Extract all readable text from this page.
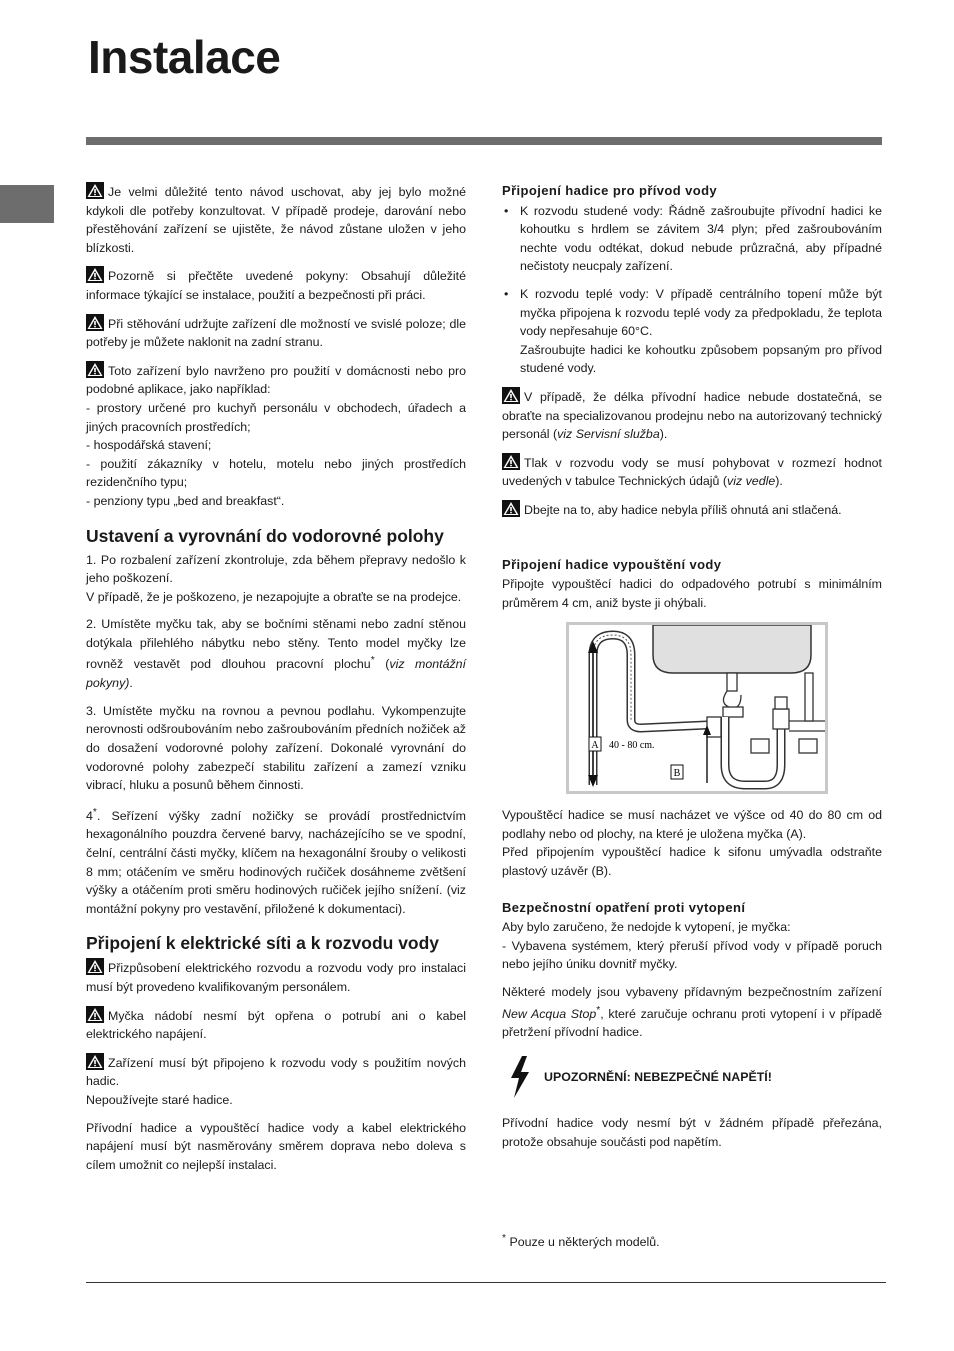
Instalace

Je velmi důležité tento návod uschovat, aby jej bylo možné kdykoli dle potřeby konzultovat. V případě prodeje, darování nebo přestěhování zařízení se ujistěte, že návod zůstane uložen v jeho blízkosti.

Pozorně si přečtěte uvedené pokyny: Obsahují důležité informace týkající se instalace, použití a bezpečnosti při práci.

Při stěhování udržujte zařízení dle možností ve svislé poloze; dle potřeby je můžete naklonit na zadní stranu.

Toto zařízení bylo navrženo pro použití v domácnosti nebo pro podobné aplikace, jako například:

- prostory určené pro kuchyň personálu v obchodech, úřadech a jiných pracovních prostředích;

- hospodářská stavení;

- použití zákazníky v hotelu, motelu nebo jiných prostředích rezidenčního typu;

- penziony typu „bed and breakfast“.

Ustavení a vyrovnání do vodorovné polohy

1. Po rozbalení zařízení zkontroluje, zda během přepravy nedošlo k jeho poškození.

V případě, že je poškozeno, je nezapojujte a obraťte se na prodejce.

2. Umístěte myčku tak, aby se bočními stěnami nebo zadní stěnou dotýkala přilehlého nábytku nebo stěny. Tento model myčky lze rovněž vestavět pod dlouhou pracovní plochu* (viz montážní pokyny).

3. Umístěte myčku na rovnou a pevnou podlahu. Vykompenzujte nerovnosti odšroubováním nebo zašroubováním předních nožiček až do dosažení vodorovné polohy zařízení. Dokonalé vyrovnání do vodorovné polohy zabezpečí stabilitu zařízení a zamezí vzniku vibrací, hluku a posunů během činnosti.

4*. Seřízení výšky zadní nožičky se provádí prostřednictvím hexagonálního pouzdra červené barvy, nacházejícího se ve spodní, čelní, centrální části myčky, klíčem na hexagonální šrouby o velikosti 8 mm; otáčením ve směru hodinových ručiček dosáhneme zvětšení výšky a otáčením proti směru hodinových ručiček jejího snížení. (viz montážní pokyny pro vestavění, přiložené k dokumentaci).

Připojení k elektrické síti a k rozvodu vody

Přizpůsobení elektrického rozvodu a rozvodu vody pro instalaci musí být provedeno kvalifikovaným personálem.

Myčka nádobí nesmí být opřena o potrubí ani o kabel elektrického napájení.

Zařízení musí být připojeno k rozvodu vody s použitím nových hadic.

Nepoužívejte staré hadice.

Přívodní hadice a vypouštěcí hadice vody a kabel elektrického napájení musí být nasměrovány směrem doprava nebo doleva s cílem umožnit co nejlepší instalaci.

Připojení hadice pro přívod vody
• K rozvodu studené vody: Řádně zašroubujte přívodní hadici ke kohoutku s hrdlem se závitem 3/4 plyn; před zašroubováním nechte vodu odtékat, dokud nebude průzračná, aby případné nečistoty neucpaly zařízení.
• K rozvodu teplé vody: V případě centrálního topení může být myčka připojena k rozvodu teplé vody za předpokladu, že teplota vody nepřesahuje 60°C.
Zašroubujte hadici ke kohoutku způsobem popsaným pro přívod studené vody.

V případě, že délka přívodní hadice nebude dostatečná, se obraťte na specializovanou prodejnu nebo na autorizovaný technický personál (viz Servisní služba).

Tlak v rozvodu vody se musí pohybovat v rozmezí hodnot uvedených v tabulce Technických údajů (viz vedle).

Dbejte na to, aby hadice nebyla příliš ohnutá ani stlačená.

Připojení hadice vypouštění vody

Připojte vypouštěcí hadici do odpadového potrubí s minimálním průměrem 4 cm, aniž byste ji ohýbali.

A 40 - 80 cm.
B

Vypouštěcí hadice se musí nacházet ve výšce od 40 do 80 cm od podlahy nebo od plochy, na které je uložena myčka (A).

Před připojením vypouštěcí hadice k sifonu umývadla odstraňte plastový uzávěr (B).

Bezpečnostní opatření proti vytopení

Aby bylo zaručeno, že nedojde k vytopení, je myčka:

- Vybavena systémem, který přeruší přívod vody v případě poruch nebo jejího úniku dovnitř myčky.

Některé modely jsou vybaveny přídavným bezpečnostním zařízení New Acqua Stop*, které zaručuje ochranu proti vytopení i v případě přetržení přívodní hadice.

UPOZORNĚNÍ: NEBEZPEČNÉ NAPĚTÍ!

Přívodní hadice vody nesmí být v žádném případě přeřezána, protože obsahuje součásti pod napětím.

* Pouze u některých modelů.
